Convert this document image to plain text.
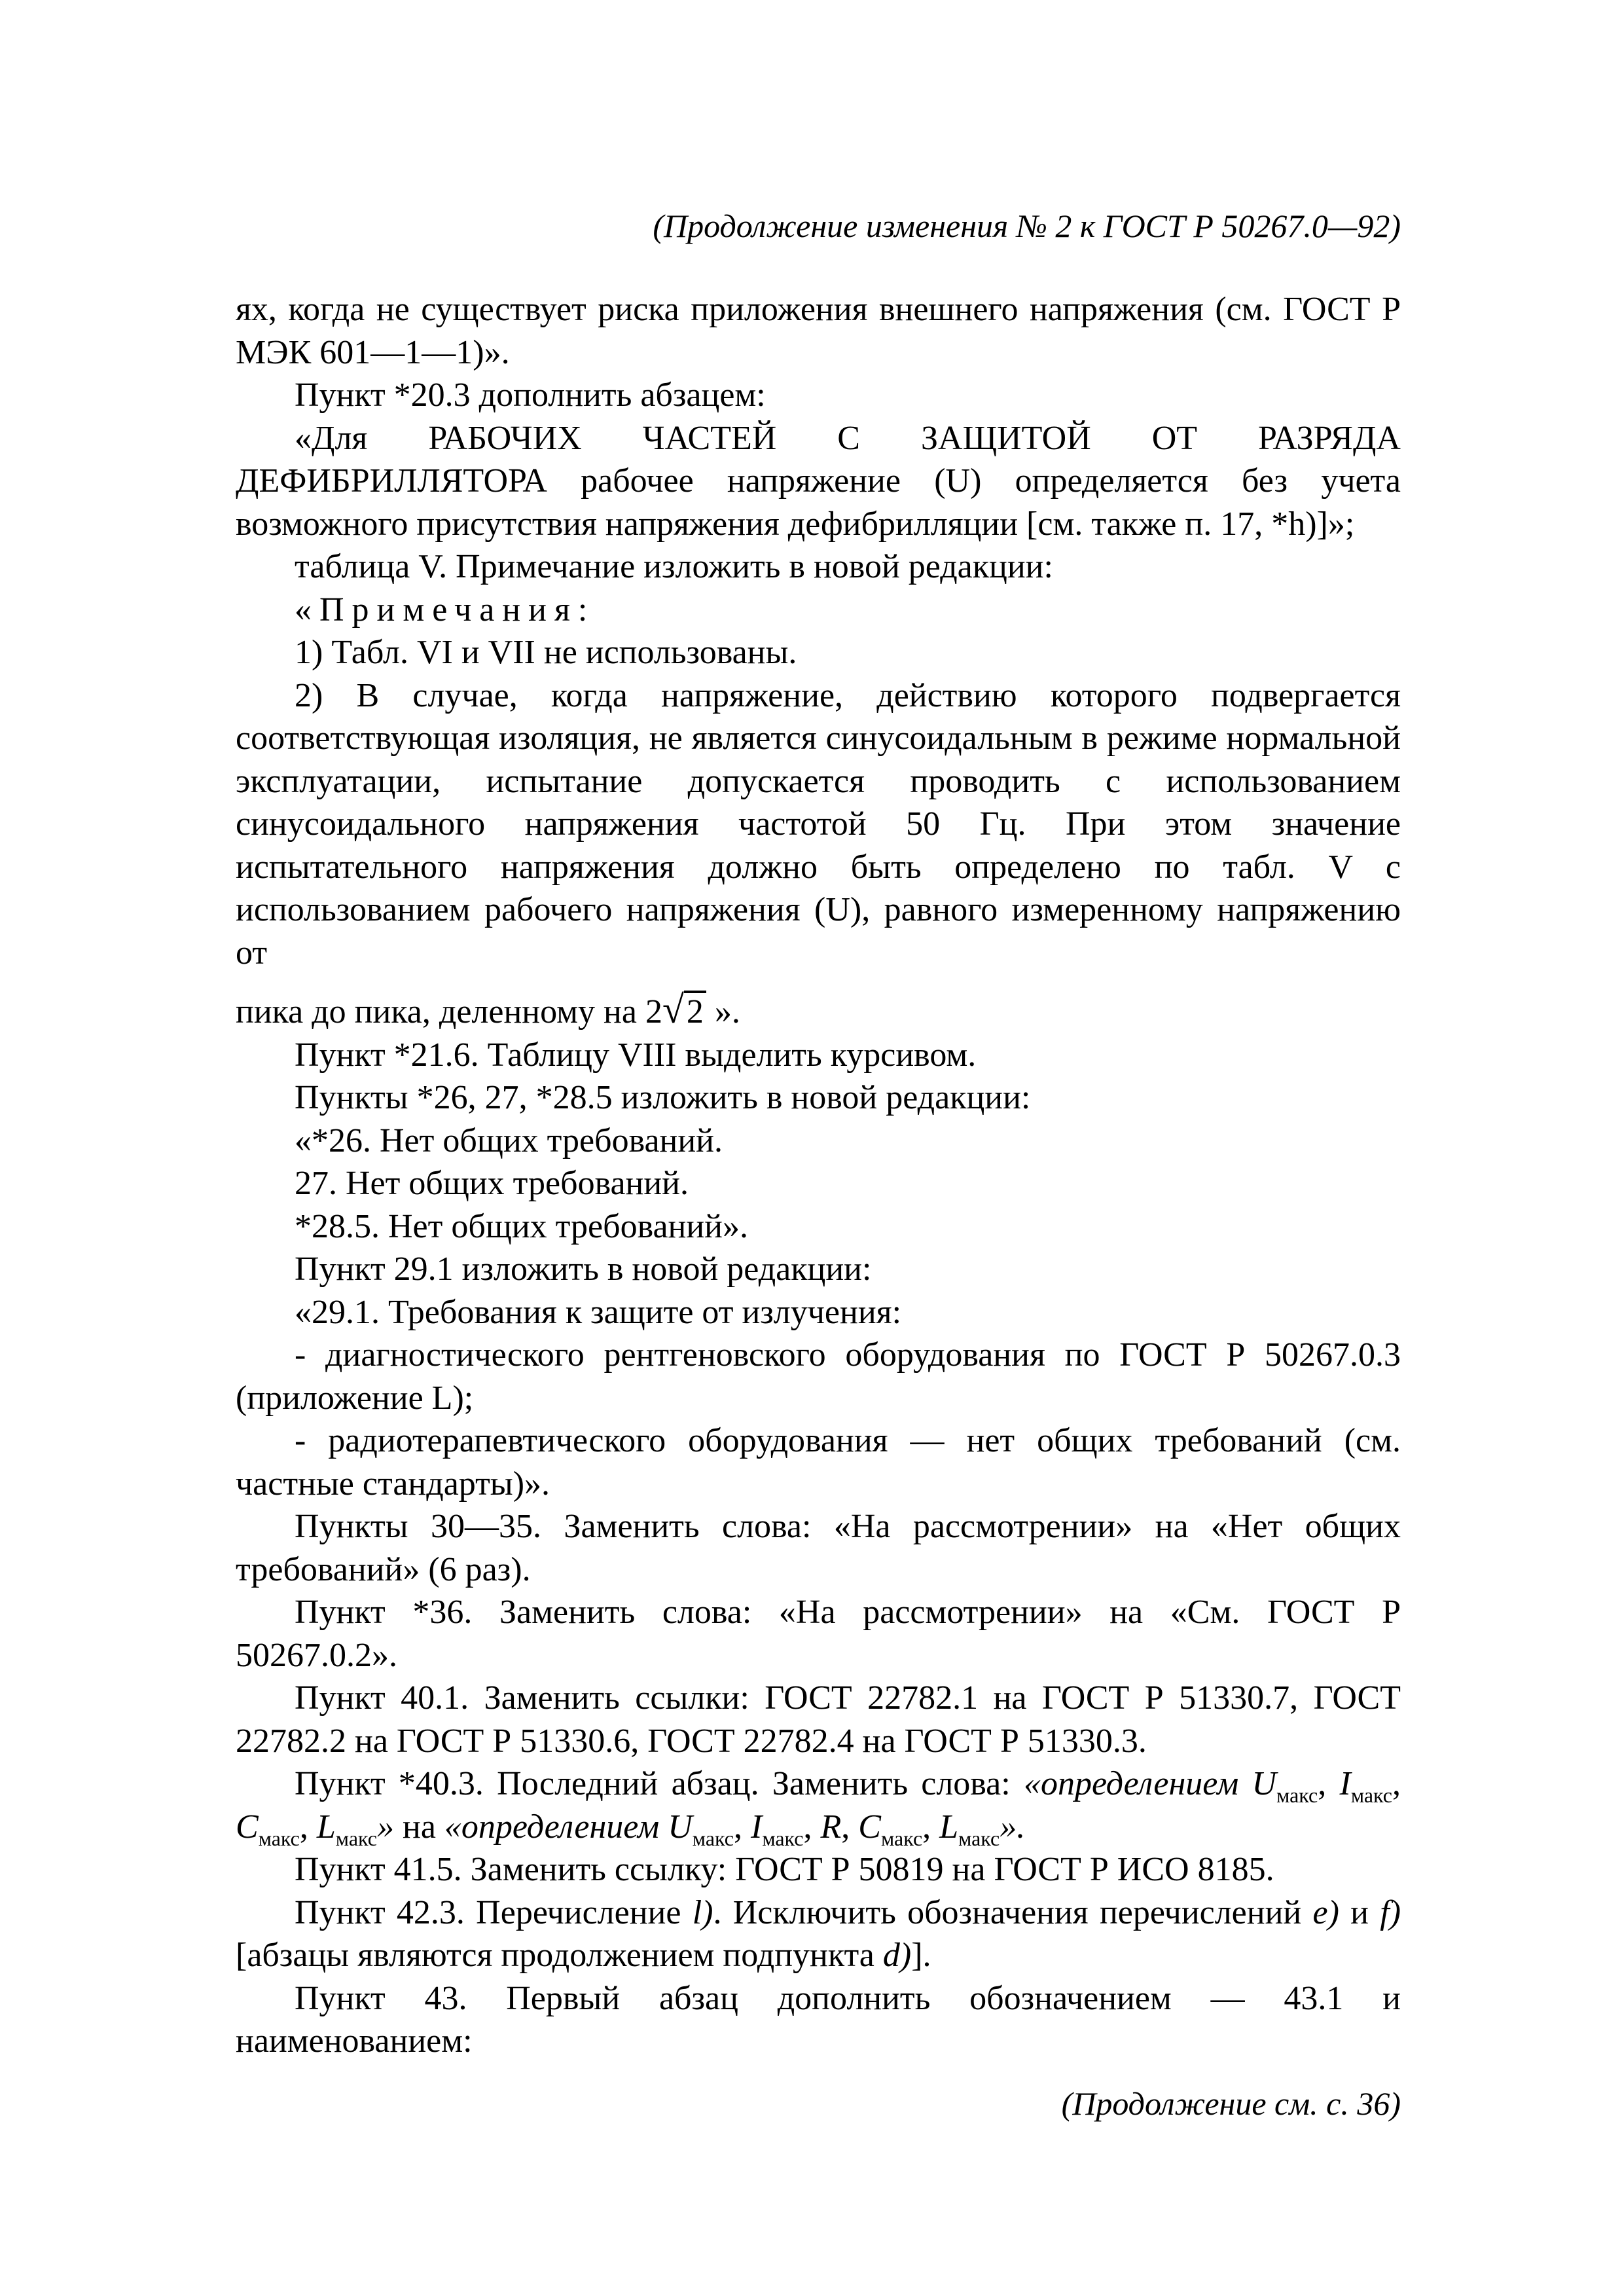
(Продолжение изменения № 2 к ГОСТ Р 50267.0—92)

ях, когда не существует риска приложения внешнего напряжения (см. ГОСТ Р МЭК 601—1—1)».

Пункт *20.3 дополнить абзацем:

«Для РАБОЧИХ ЧАСТЕЙ С ЗАЩИТОЙ ОТ РАЗРЯДА ДЕФИБРИЛЛЯТОРА рабочее напряжение (U) определяется без учета возможного присутствия напряжения дефибрилляции [см. также п. 17, *h)]»;

таблица V. Примечание изложить в новой редакции:

«Примечания:

1) Табл. VI и VII не использованы.

2) В случае, когда напряжение, действию которого подвергается соответствующая изоляция, не является синусоидальным в режиме нормальной эксплуатации, испытание допускается проводить с использованием синусоидального напряжения частотой 50 Гц. При этом значение испытательного напряжения должно быть определено по табл. V с использованием рабочего напряжения (U), равного измеренному напряжению от

пика до пика, деленному на 2√2 ».

Пункт *21.6. Таблицу VIII выделить курсивом.

Пункты *26, 27, *28.5 изложить в новой редакции:

«*26. Нет общих требований.

27. Нет общих требований.

*28.5. Нет общих требований».

Пункт 29.1 изложить в новой редакции:

«29.1. Требования к защите от излучения:

- диагностического рентгеновского оборудования по ГОСТ Р 50267.0.3 (приложение L);

- радиотерапевтического оборудования — нет общих требований (см. частные стандарты)».

Пункты 30—35. Заменить слова: «На рассмотрении» на «Нет общих требований» (6 раз).

Пункт *36. Заменить слова: «На рассмотрении» на «См. ГОСТ Р 50267.0.2».

Пункт 40.1. Заменить ссылки: ГОСТ 22782.1 на ГОСТ Р 51330.7, ГОСТ 22782.2 на ГОСТ Р 51330.6, ГОСТ 22782.4 на ГОСТ Р 51330.3.

Пункт *40.3. Последний абзац. Заменить слова: «определением $U_{макс}$, $I_{макс}$, $C_{макс}$, $L_{макс}$» на «определением $U_{макс}$, $I_{макс}$, R, $C_{макс}$, $L_{макс}$».

Пункт 41.5. Заменить ссылку: ГОСТ Р 50819 на ГОСТ Р ИСО 8185.

Пункт 42.3. Перечисление l). Исключить обозначения перечислений e) и f) [абзацы являются продолжением подпункта d)].

Пункт 43. Первый абзац дополнить обозначением — 43.1 и наименованием:

(Продолжение см. с. 36)
